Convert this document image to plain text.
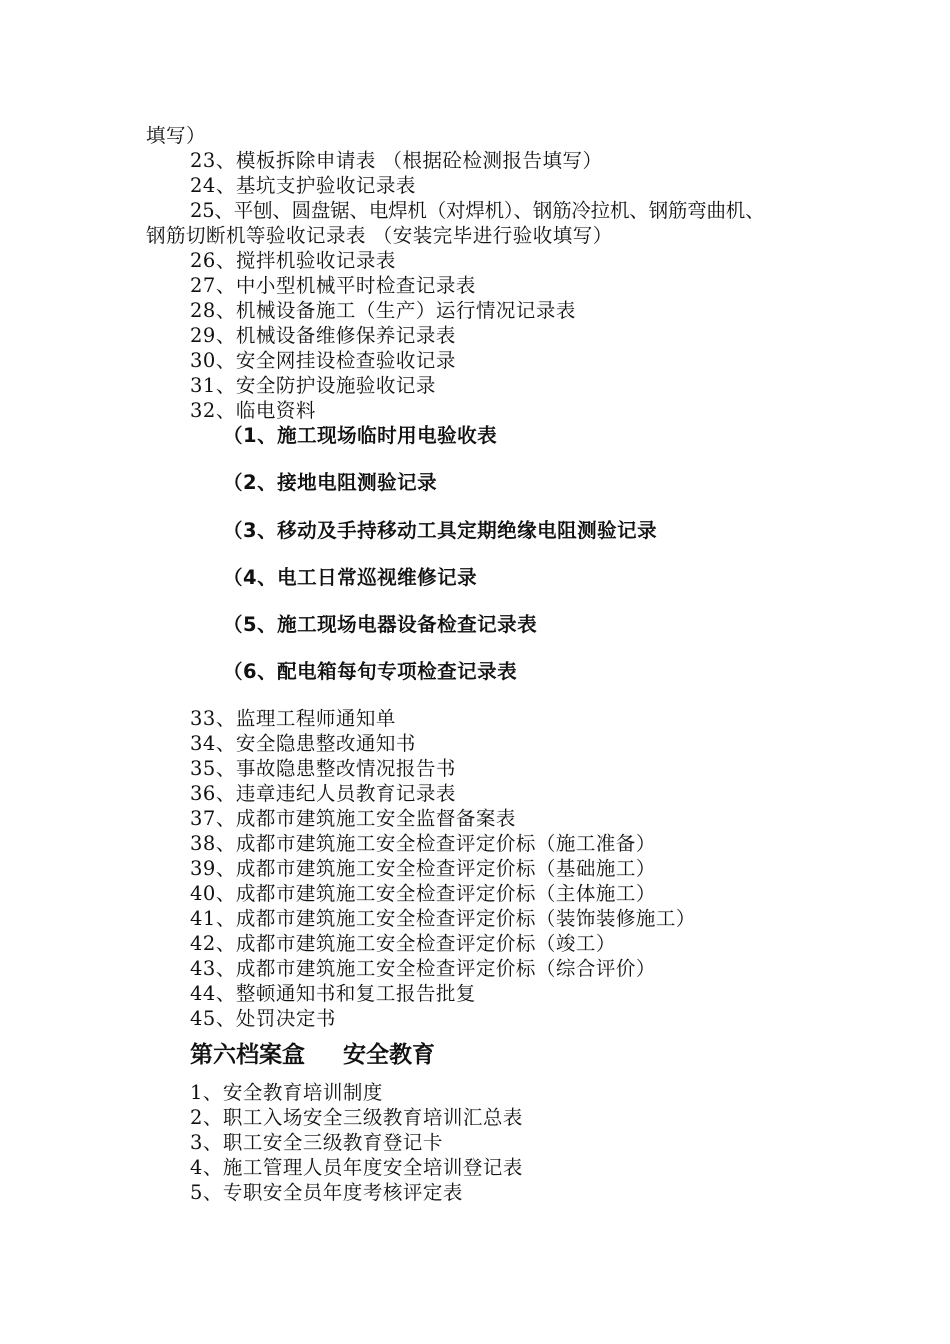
填写）
23、模板拆除申请表 （根据砼检测报告填写）
24、基坑支护验收记录表
25、平刨、圆盘锯、电焊机（对焊机）、钢筋冷拉机、钢筋弯曲机、
钢筋切断机等验收记录表 （安装完毕进行验收填写）
26、搅拌机验收记录表
27、中小型机械平时检查记录表
28、机械设备施工（生产）运行情况记录表
29、机械设备维修保养记录表
30、安全网挂设检查验收记录
31、安全防护设施验收记录
32、临电资料
（1、施工现场临时用电验收表
（2、接地电阻测验记录
（3、移动及手持移动工具定期绝缘电阻测验记录
（4、电工日常巡视维修记录
（5、施工现场电器设备检查记录表
（6、配电箱每旬专项检查记录表
33、监理工程师通知单
34、安全隐患整改通知书
35、事故隐患整改情况报告书
36、违章违纪人员教育记录表
37、成都市建筑施工安全监督备案表
38、成都市建筑施工安全检查评定价标（施工准备）
39、成都市建筑施工安全检查评定价标（基础施工）
40、成都市建筑施工安全检查评定价标（主体施工）
41、成都市建筑施工安全检查评定价标（装饰装修施工）
42、成都市建筑施工安全检查评定价标（竣工）
43、成都市建筑施工安全检查评定价标（综合评价）
44、整顿通知书和复工报告批复
45、处罚决定书
第六档案盒 安全教育
1、安全教育培训制度
2、职工入场安全三级教育培训汇总表
3、职工安全三级教育登记卡
4、施工管理人员年度安全培训登记表
5、专职安全员年度考核评定表
